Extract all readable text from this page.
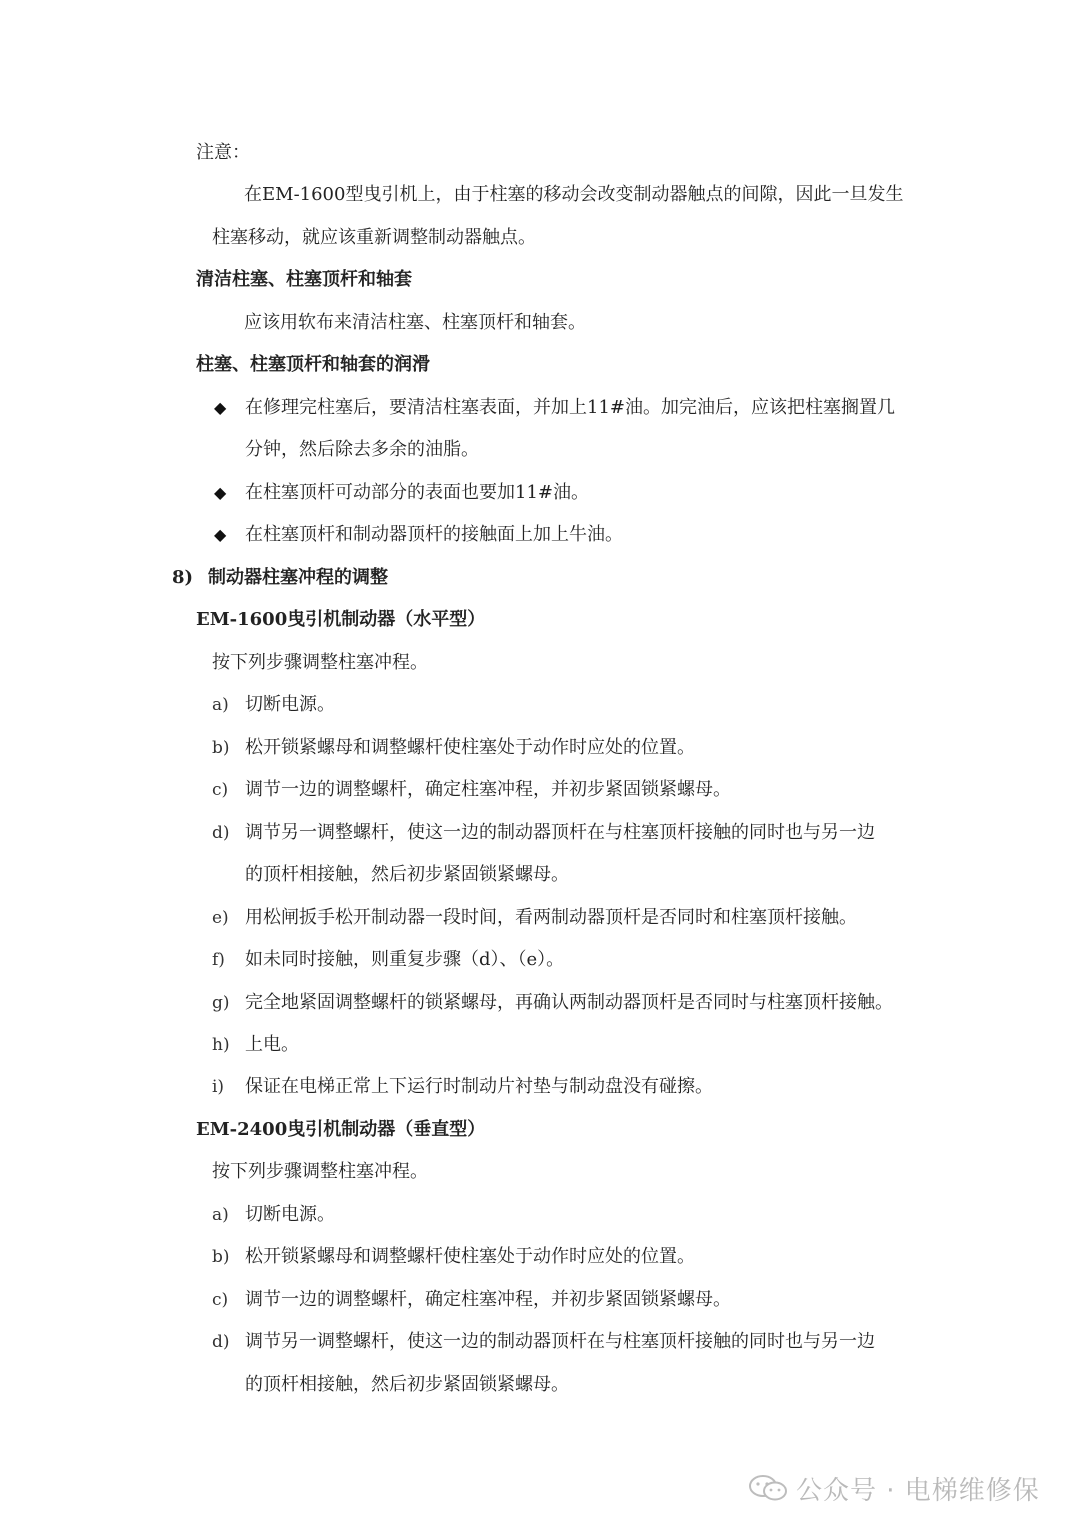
注意：
在EM-1600型曳引机上，由于柱塞的移动会改变制动器触点的间隙，因此一旦发生
柱塞移动，就应该重新调整制动器触点。
清洁柱塞、柱塞顶杆和轴套
应该用软布来清洁柱塞、柱塞顶杆和轴套。
柱塞、柱塞顶杆和轴套的润滑
◆ 在修理完柱塞后，要清洁柱塞表面，并加上11#油。加完油后，应该把柱塞搁置几
分钟，然后除去多余的油脂。
◆ 在柱塞顶杆可动部分的表面也要加11#油。
◆ 在柱塞顶杆和制动器顶杆的接触面上加上牛油。
8) 制动器柱塞冲程的调整
EM-1600曳引机制动器（水平型）
按下列步骤调整柱塞冲程。
a) 切断电源。
b) 松开锁紧螺母和调整螺杆使柱塞处于动作时应处的位置。
c) 调节一边的调整螺杆，确定柱塞冲程，并初步紧固锁紧螺母。
d) 调节另一调整螺杆，使这一边的制动器顶杆在与柱塞顶杆接触的同时也与另一边
的顶杆相接触，然后初步紧固锁紧螺母。
e) 用松闸扳手松开制动器一段时间，看两制动器顶杆是否同时和柱塞顶杆接触。
f) 如未同时接触，则重复步骤（d）、（e）。
g) 完全地紧固调整螺杆的锁紧螺母，再确认两制动器顶杆是否同时与柱塞顶杆接触。
h) 上电。
i) 保证在电梯正常上下运行时制动片衬垫与制动盘没有碰擦。
EM-2400曳引机制动器（垂直型）
按下列步骤调整柱塞冲程。
a) 切断电源。
b) 松开锁紧螺母和调整螺杆使柱塞处于动作时应处的位置。
c) 调节一边的调整螺杆，确定柱塞冲程，并初步紧固锁紧螺母。
d) 调节另一调整螺杆，使这一边的制动器顶杆在与柱塞顶杆接触的同时也与另一边
的顶杆相接触，然后初步紧固锁紧螺母。
公众号 · 电梯维修保
